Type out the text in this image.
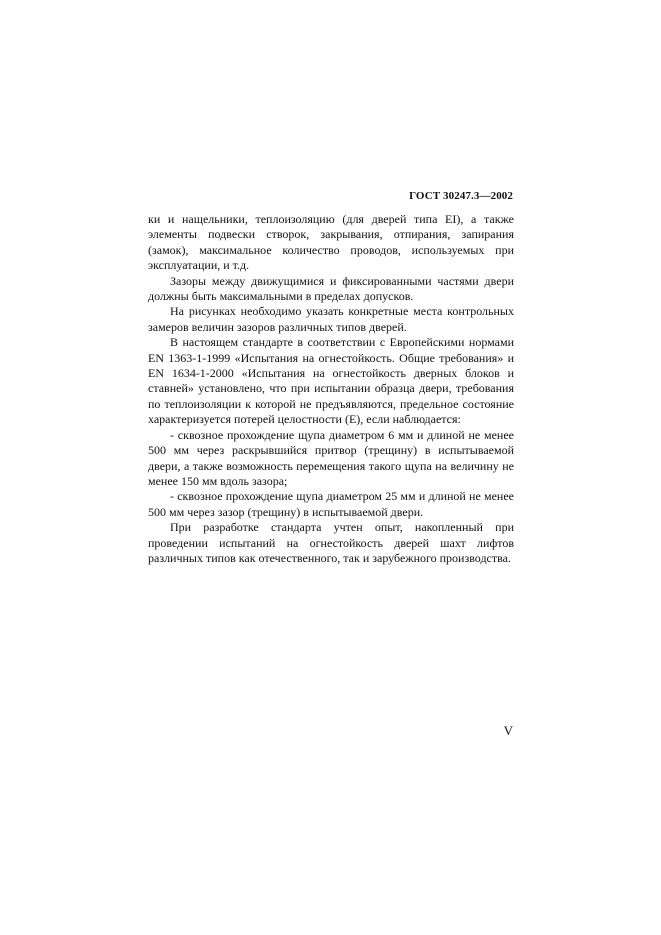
ГОСТ 30247.3—2002

ки и нащельники, теплоизоляцию (для дверей типа EI), а также элементы подвески створок, закрывания, отпирания, запирания (замок), максимальное количество проводов, используемых при эксплуатации, и т.д.

Зазоры между движущимися и фиксированными частями двери должны быть максимальными в пределах допусков.

На рисунках необходимо указать конкретные места контрольных замеров величин зазоров различных типов дверей.

В настоящем стандарте в соответствии с Европейскими нормами EN 1363-1-1999 «Испытания на огнестойкость. Общие требования» и EN 1634-1-2000 «Испытания на огнестойкость дверных блоков и ставней» установлено, что при испытании образца двери, требования по теплоизоляции к которой не предъявляются, предельное состояние характеризуется потерей целостности (E), если наблюдается:

- сквозное прохождение щупа диаметром 6 мм и длиной не менее 500 мм через раскрывшийся притвор (трещину) в испытываемой двери, а также возможность перемещения такого щупа на величину не менее 150 мм вдоль зазора;

- сквозное прохождение щупа диаметром 25 мм и длиной не менее 500 мм через зазор (трещину) в испытываемой двери.

При разработке стандарта учтен опыт, накопленный при проведении испытаний на огнестойкость дверей шахт лифтов различных типов как отечественного, так и зарубежного производства.

V
